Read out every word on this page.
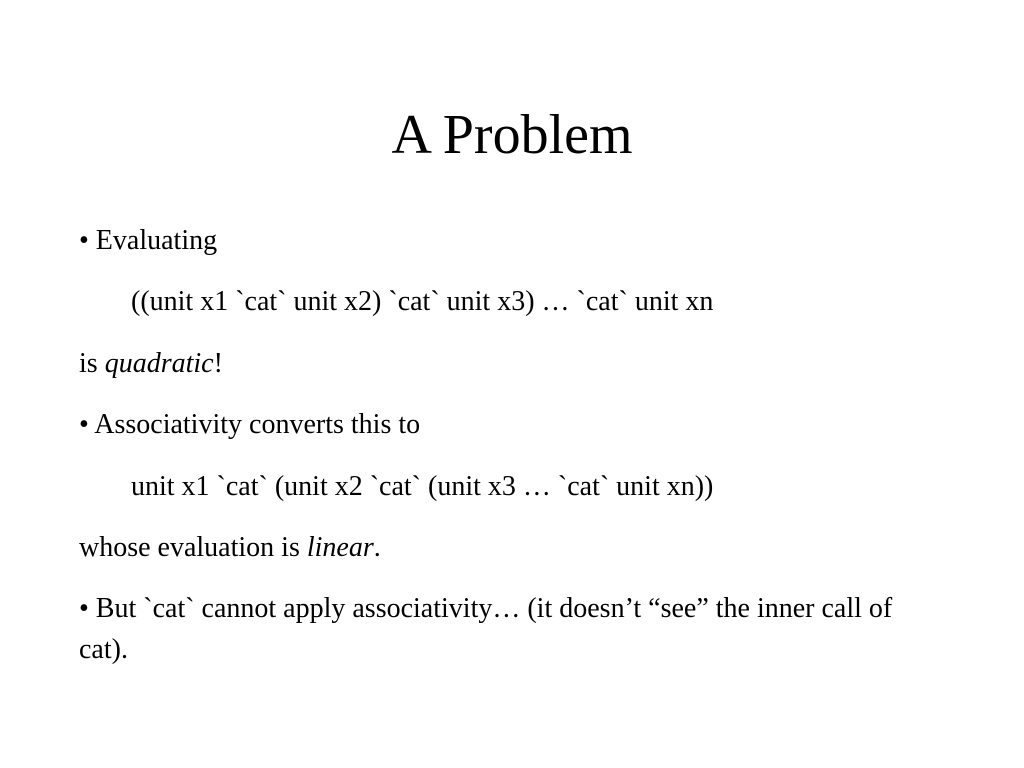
A Problem
• Evaluating
((unit x1 `cat` unit x2) `cat` unit x3) … `cat` unit xn
is quadratic!
• Associativity converts this to
unit x1 `cat` (unit x2 `cat` (unit x3 … `cat` unit xn))
whose evaluation is linear.
• But `cat` cannot apply associativity… (it doesn’t “see” the inner call of cat).
